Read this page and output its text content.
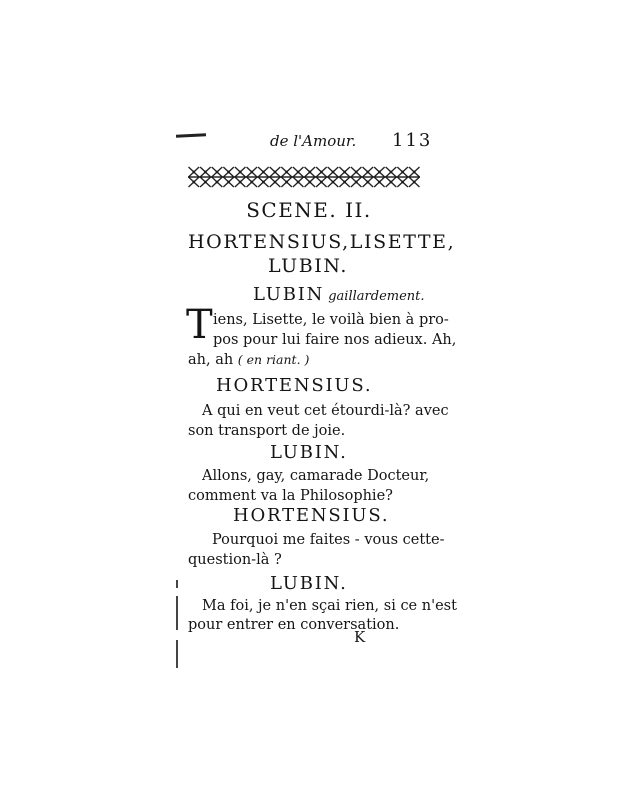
de l'Amour. 113
SCENE. II.
HORTENSIUS,LISETTE,
LUBIN.
LUBIN gaillardement.
T iens, Lisette, le voilà bien à pro-
pos pour lui faire nos adieux. Ah,
ah, ah ( en riant. )
HORTENSIUS.
A qui en veut cet étourdi-là? avec
son transport de joie.
LUBIN.
Allons, gay, camarade Docteur,
comment va la Philosophie?
HORTENSIUS.
Pourquoi me faites - vous cette-
question-là ?
LUBIN.
Ma foi, je n'en sçai rien, si ce n'est
pour entrer en conversation.
K
